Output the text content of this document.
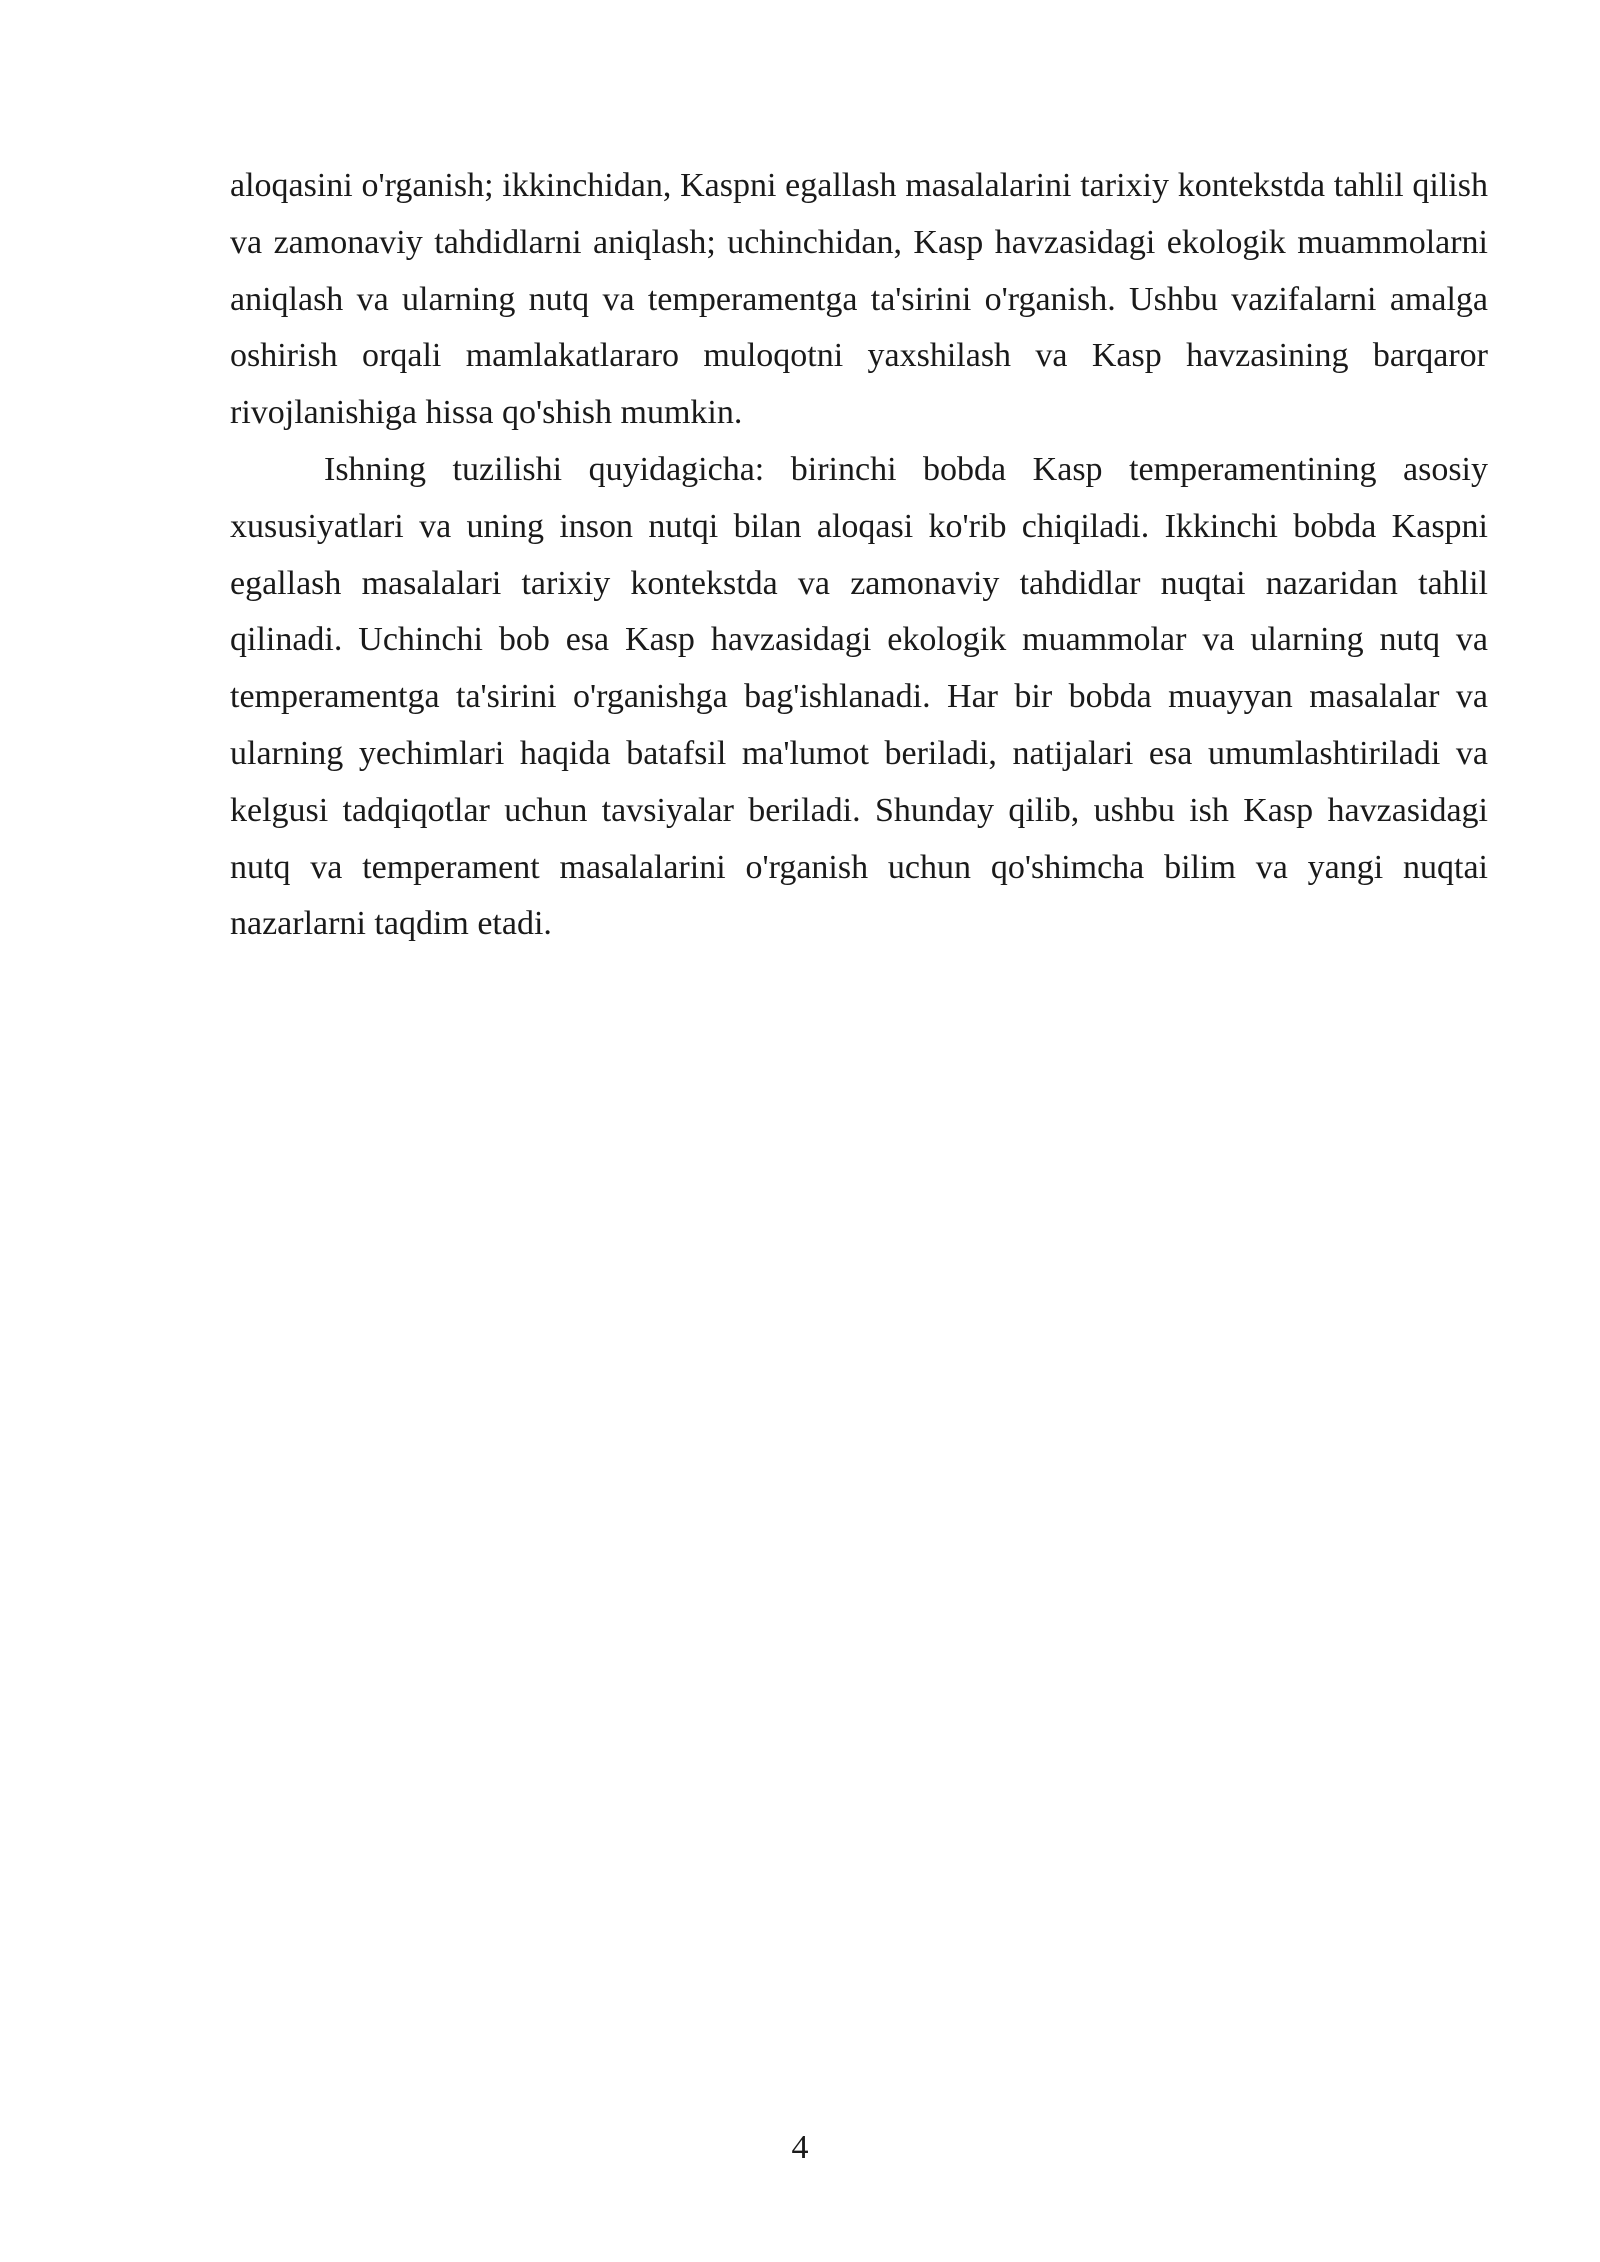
aloqasini o'rganish; ikkinchidan, Kaspni egallash masalalarini tarixiy kontekstda tahlil qilish va zamonaviy tahdidlarni aniqlash; uchinchidan, Kasp havzasidagi ekologik muammolarni aniqlash va ularning nutq va temperamentga ta'sirini o'rganish. Ushbu vazifalarni amalga oshirish orqali mamlakatlararo muloqotni yaxshilash va Kasp havzasining barqaror rivojlanishiga hissa qo'shish mumkin.

Ishning tuzilishi quyidagicha: birinchi bobda Kasp temperamentining asosiy xususiyatlari va uning inson nutqi bilan aloqasi ko'rib chiqiladi. Ikkinchi bobda Kaspni egallash masalalari tarixiy kontekstda va zamonaviy tahdidlar nuqtai nazaridan tahlil qilinadi. Uchinchi bob esa Kasp havzasidagi ekologik muammolar va ularning nutq va temperamentga ta'sirini o'rganishga bag'ishlanadi. Har bir bobda muayyan masalalar va ularning yechimlari haqida batafsil ma'lumot beriladi, natijalari esa umumlashtiriladi va kelgusi tadqiqotlar uchun tavsiyalar beriladi. Shunday qilib, ushbu ish Kasp havzasidagi nutq va temperament masalalarini o'rganish uchun qo'shimcha bilim va yangi nuqtai nazarlarni taqdim etadi.

4
